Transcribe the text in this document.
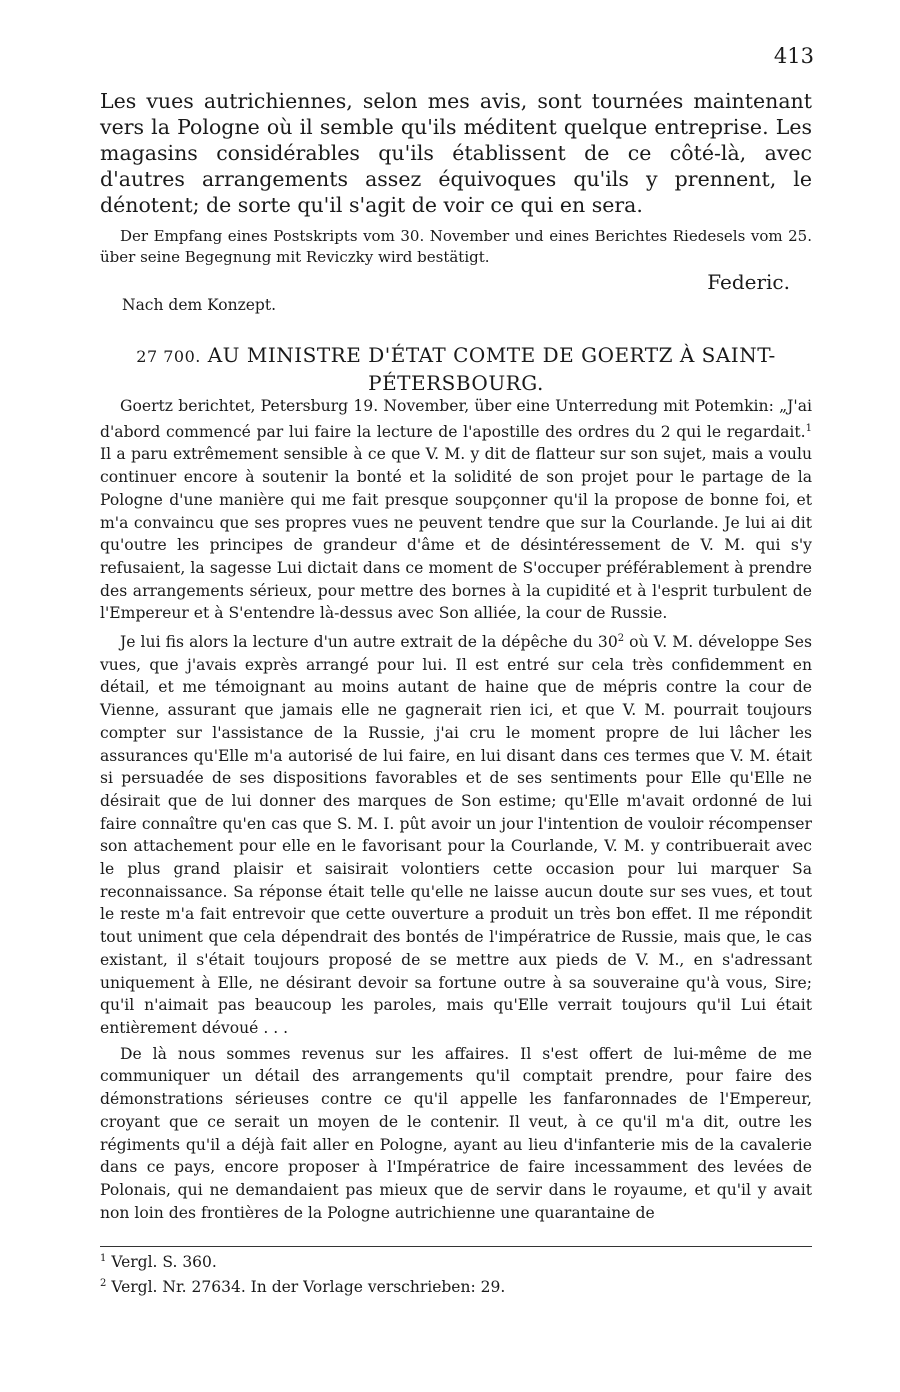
413
Les vues autrichiennes, selon mes avis, sont tournées maintenant vers la Pologne où il semble qu'ils méditent quelque entreprise. Les magasins considérables qu'ils établissent de ce côté-là, avec d'autres arrangements assez équivoques qu'ils y prennent, le dénotent; de sorte qu'il s'agit de voir ce qui en sera.
Der Empfang eines Postskripts vom 30. November und eines Berichtes Riedesels vom 25. über seine Begegnung mit Reviczky wird bestätigt.
Federic.
Nach dem Konzept.
27 700. AU MINISTRE D'ÉTAT COMTE DE GOERTZ À SAINT-PÉTERSBOURG.

Goertz berichtet, Petersburg 19. November, über eine Unterredung mit Potemkin: „J'ai d'abord commencé par lui faire la lecture de l'apostille des ordres du 2 qui le regardait.$^1$ Il a paru extrêmement sensible à ce que V. M. y dit de flatteur sur son sujet, mais a voulu continuer encore à soutenir la bonté et la solidité de son projet pour le partage de la Pologne d'une manière qui me fait presque soupçonner qu'il la propose de bonne foi, et m'a convaincu que ses propres vues ne peuvent tendre que sur la Courlande. Je lui ai dit qu'outre les principes de grandeur d'âme et de désintéressement de V. M. qui s'y refusaient, la sagesse Lui dictait dans ce moment de S'occuper préférablement à prendre des arrangements sérieux, pour mettre des bornes à la cupidité et à l'esprit turbulent de l'Empereur et à S'entendre là-dessus avec Son alliée, la cour de Russie.

Je lui fis alors la lecture d'un autre extrait de la dépêche du $30^2$ où V. M. développe Ses vues, que j'avais exprès arrangé pour lui. Il est entré sur cela très confidemment en détail, et me témoignant au moins autant de haine que de mépris contre la cour de Vienne, assurant que jamais elle ne gagnerait rien ici, et que V. M. pourrait toujours compter sur l'assistance de la Russie, j'ai cru le moment propre de lui lâcher les assurances qu'Elle m'a autorisé de lui faire, en lui disant dans ces termes que V. M. était si persuadée de ses dispositions favorables et de ses sentiments pour Elle qu'Elle ne désirait que de lui donner des marques de Son estime; qu'Elle m'avait ordonné de lui faire connaître qu'en cas que S. M. I. pût avoir un jour l'intention de vouloir récompenser son attachement pour elle en le favorisant pour la Courlande, V. M. y contribuerait avec le plus grand plaisir et saisirait volontiers cette occasion pour lui marquer Sa reconnaissance. Sa réponse était telle qu'elle ne laisse aucun doute sur ses vues, et tout le reste m'a fait entrevoir que cette ouverture a produit un très bon effet. Il me répondit tout uniment que cela dépendrait des bontés de l'impératrice de Russie, mais que, le cas existant, il s'était toujours proposé de se mettre aux pieds de V. M., en s'adressant uniquement à Elle, ne désirant devoir sa fortune outre à sa souveraine qu'à vous, Sire; qu'il n'aimait pas beaucoup les paroles, mais qu'Elle verrait toujours qu'il Lui était entièrement dévoué . . .

De là nous sommes revenus sur les affaires. Il s'est offert de lui-même de me communiquer un détail des arrangements qu'il comptait prendre, pour faire des démonstrations sérieuses contre ce qu'il appelle les fanfaronnades de l'Empereur, croyant que ce serait un moyen de le contenir. Il veut, à ce qu'il m'a dit, outre les régiments qu'il a déjà fait aller en Pologne, ayant au lieu d'infanterie mis de la cavalerie dans ce pays, encore proposer à l'Impératrice de faire incessamment des levées de Polonais, qui ne demandaient pas mieux que de servir dans le royaume, et qu'il y avait non loin des frontières de la Pologne autrichienne une quarantaine de

$^1$ Vergl. S. 360.
$^2$ Vergl. Nr. 27634. In der Vorlage verschrieben: 29.
